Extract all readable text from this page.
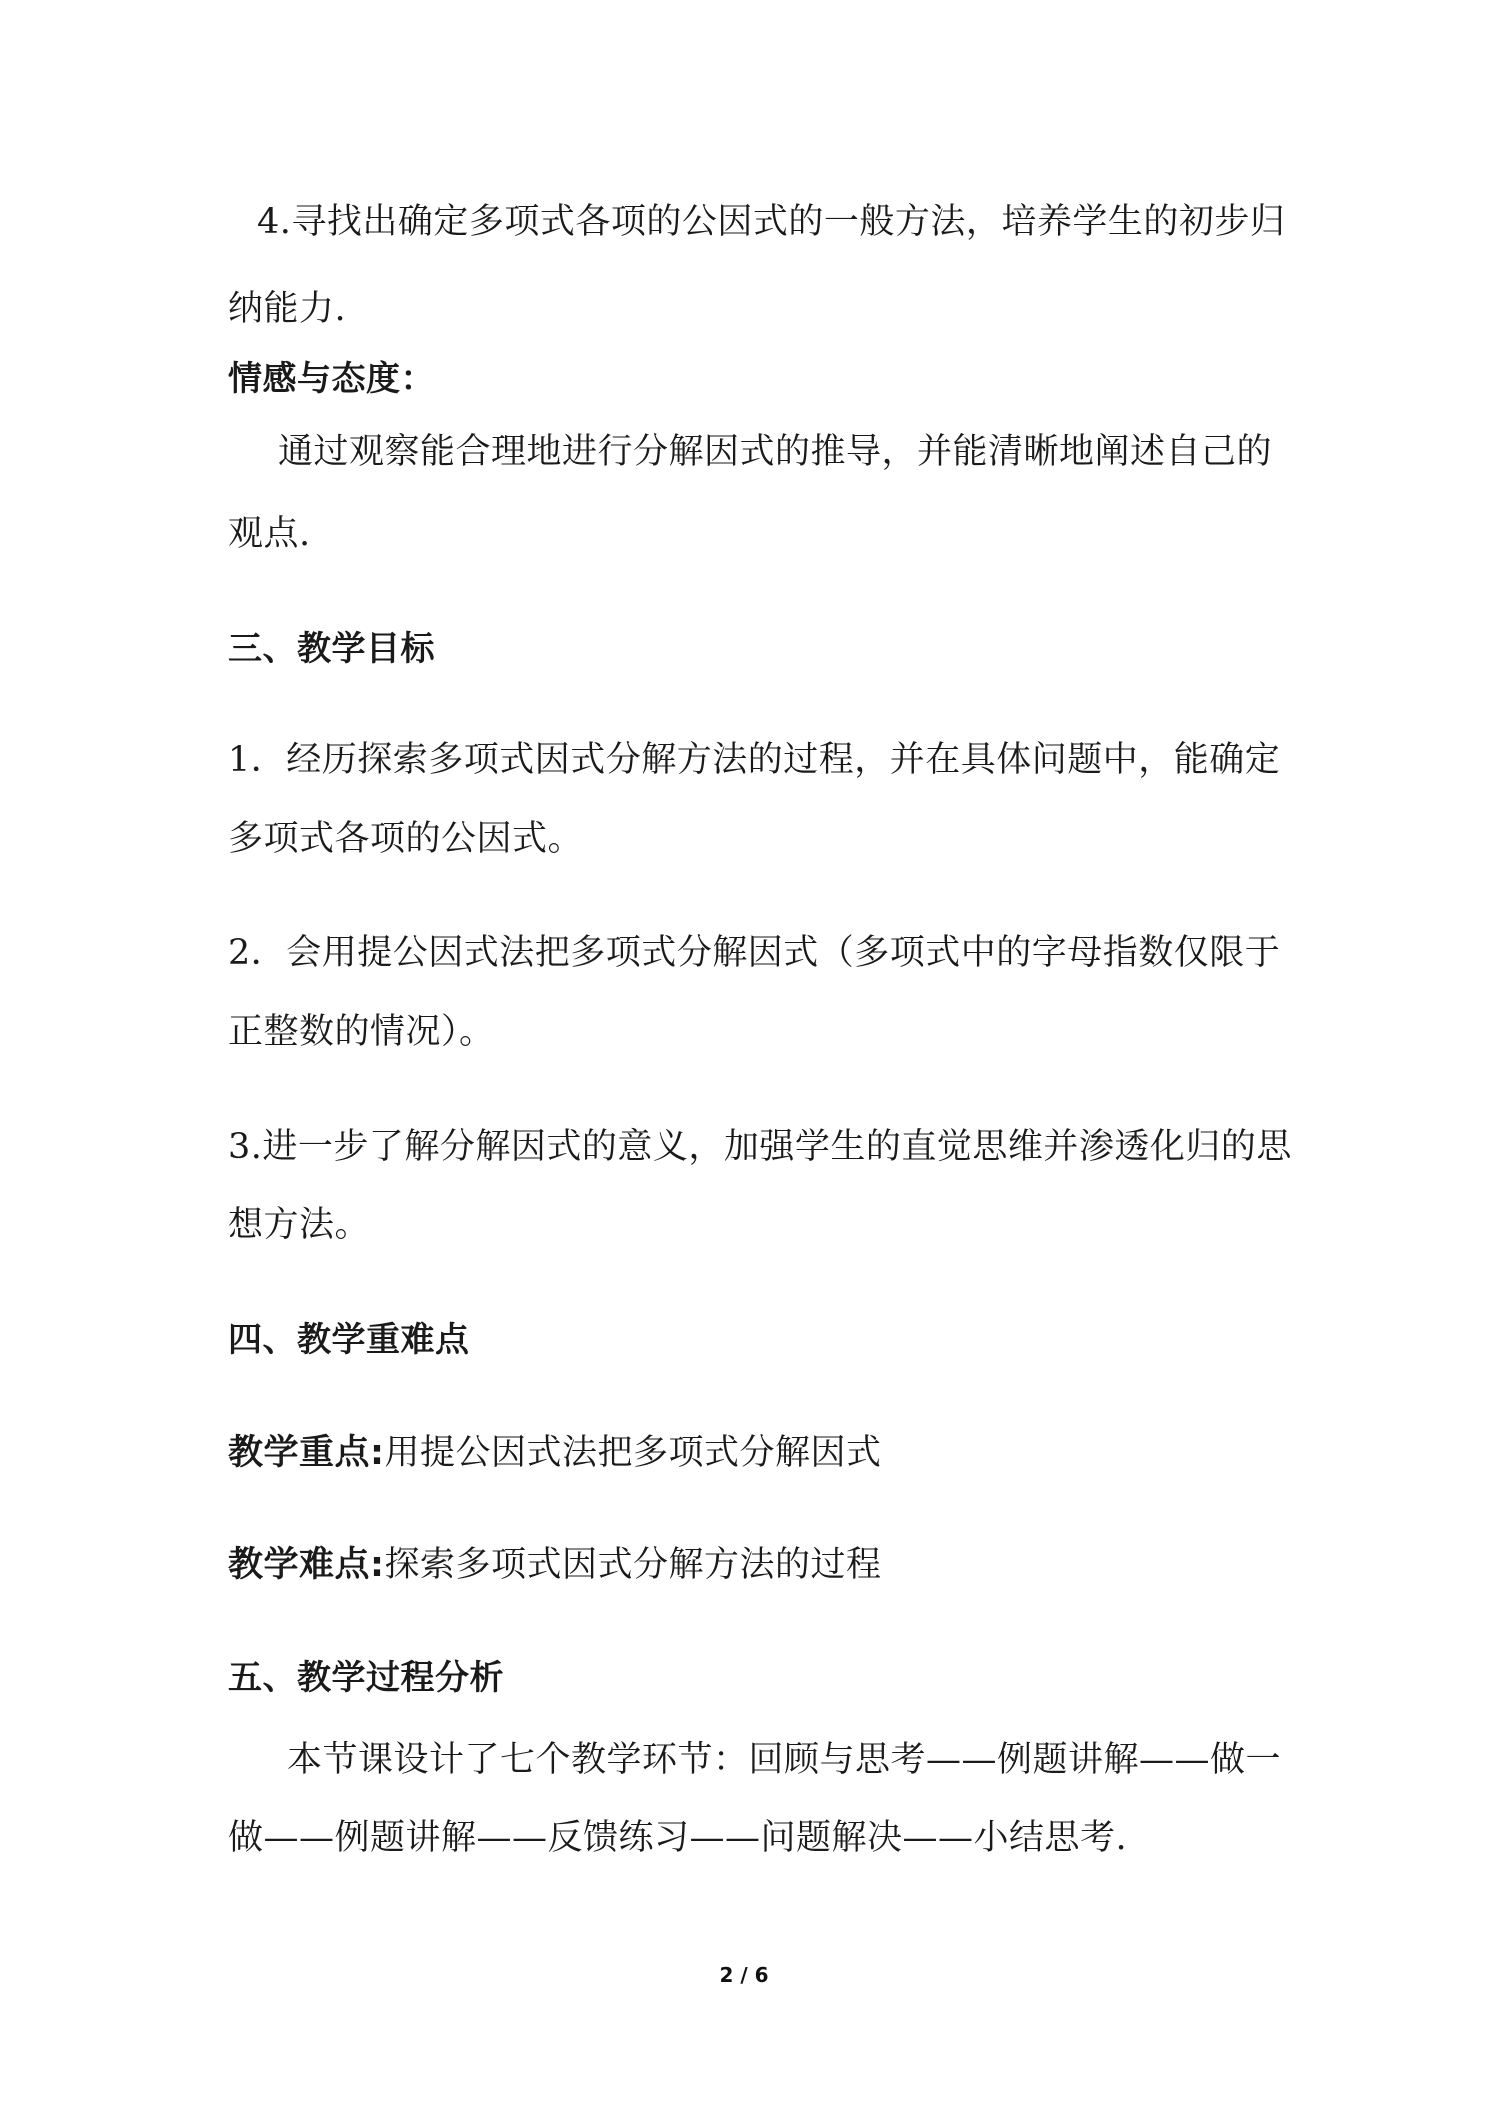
4.寻找出确定多项式各项的公因式的一般方法，培养学生的初步归
纳能力.
情感与态度：
通过观察能合理地进行分解因式的推导，并能清晰地阐述自己的
观点.
三、教学目标
1．经历探索多项式因式分解方法的过程，并在具体问题中，能确定
多项式各项的公因式。
2．会用提公因式法把多项式分解因式（多项式中的字母指数仅限于
正整数的情况）。
3.进一步了解分解因式的意义，加强学生的直觉思维并渗透化归的思
想方法。
四、教学重难点
教学重点:用提公因式法把多项式分解因式
教学难点:探索多项式因式分解方法的过程
五、教学过程分析
本节课设计了七个教学环节：回顾与思考——例题讲解——做一
做——例题讲解——反馈练习——问题解决——小结思考.
2 / 6
